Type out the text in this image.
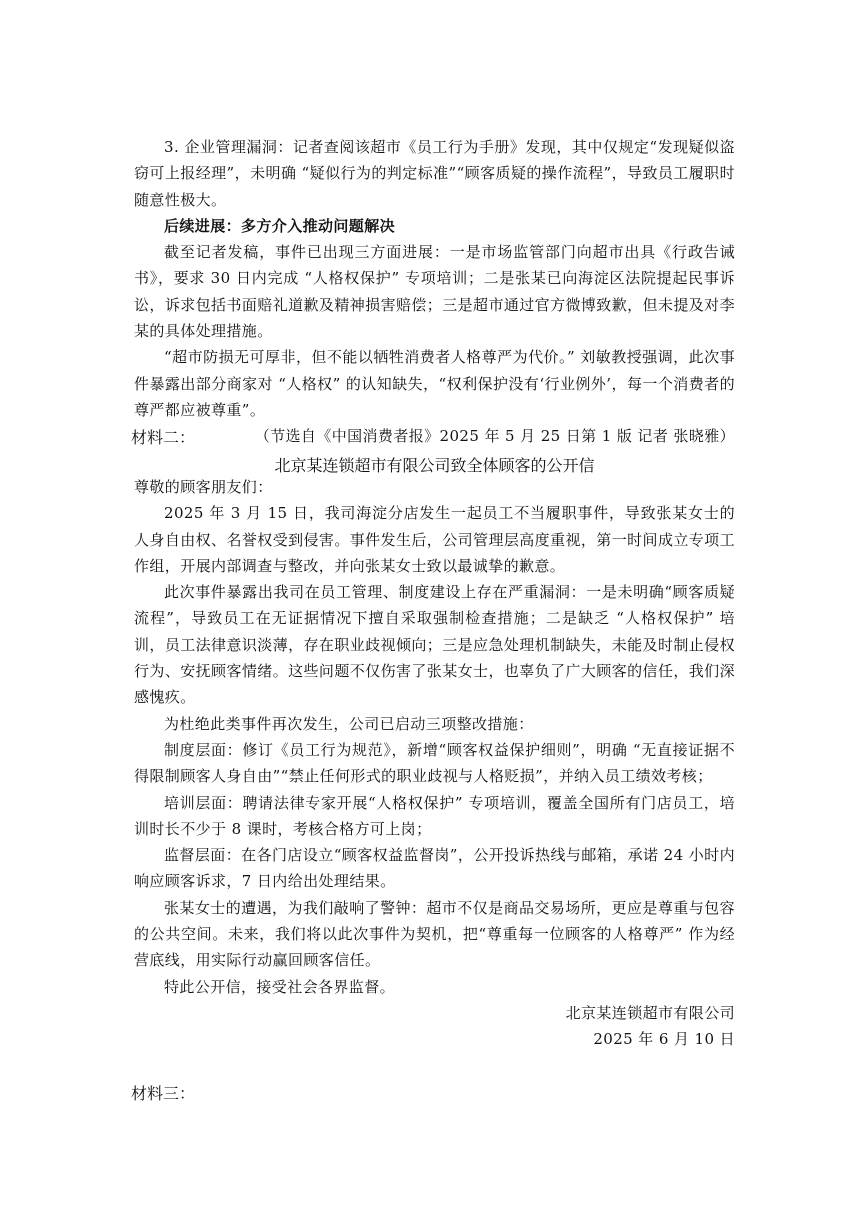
3. 企业管理漏洞：记者查阅该超市《员工行为手册》发现，其中仅规定“发现疑似盗窃可上报经理”，未明确 “疑似行为的判定标准”“顾客质疑的操作流程”，导致员工履职时随意性极大。

后续进展：多方介入推动问题解决

截至记者发稿，事件已出现三方面进展：一是市场监管部门向超市出具《行政告诫书》，要求 30 日内完成 “人格权保护” 专项培训；二是张某已向海淀区法院提起民事诉讼，诉求包括书面赔礼道歉及精神损害赔偿；三是超市通过官方微博致歉，但未提及对李某的具体处理措施。

“超市防损无可厚非，但不能以牺牲消费者人格尊严为代价。” 刘敏教授强调，此次事件暴露出部分商家对 “人格权” 的认知缺失，“权利保护没有‘行业例外’，每一个消费者的尊严都应被尊重”。

（节选自《中国消费者报》2025 年 5 月 25 日第 1 版 记者 张晓雅）

材料二：

北京某连锁超市有限公司致全体顾客的公开信

尊敬的顾客朋友们：

2025 年 3 月 15 日，我司海淀分店发生一起员工不当履职事件，导致张某女士的人身自由权、名誉权受到侵害。事件发生后，公司管理层高度重视，第一时间成立专项工作组，开展内部调查与整改，并向张某女士致以最诚挚的歉意。

此次事件暴露出我司在员工管理、制度建设上存在严重漏洞：一是未明确“顾客质疑流程”，导致员工在无证据情况下擅自采取强制检查措施；二是缺乏 “人格权保护” 培训，员工法律意识淡薄，存在职业歧视倾向；三是应急处理机制缺失，未能及时制止侵权行为、安抚顾客情绪。这些问题不仅伤害了张某女士，也辜负了广大顾客的信任，我们深感愧疚。

为杜绝此类事件再次发生，公司已启动三项整改措施：

制度层面：修订《员工行为规范》，新增“顾客权益保护细则”，明确 “无直接证据不得限制顾客人身自由”“禁止任何形式的职业歧视与人格贬损”，并纳入员工绩效考核；

培训层面：聘请法律专家开展“人格权保护” 专项培训，覆盖全国所有门店员工，培训时长不少于 8 课时，考核合格方可上岗；

监督层面：在各门店设立“顾客权益监督岗”，公开投诉热线与邮箱，承诺 24 小时内响应顾客诉求，7 日内给出处理结果。

张某女士的遭遇，为我们敲响了警钟：超市不仅是商品交易场所，更应是尊重与包容的公共空间。未来，我们将以此次事件为契机，把“尊重每一位顾客的人格尊严” 作为经营底线，用实际行动赢回顾客信任。

特此公开信，接受社会各界监督。

北京某连锁超市有限公司

2025 年 6 月 10 日

材料三：
